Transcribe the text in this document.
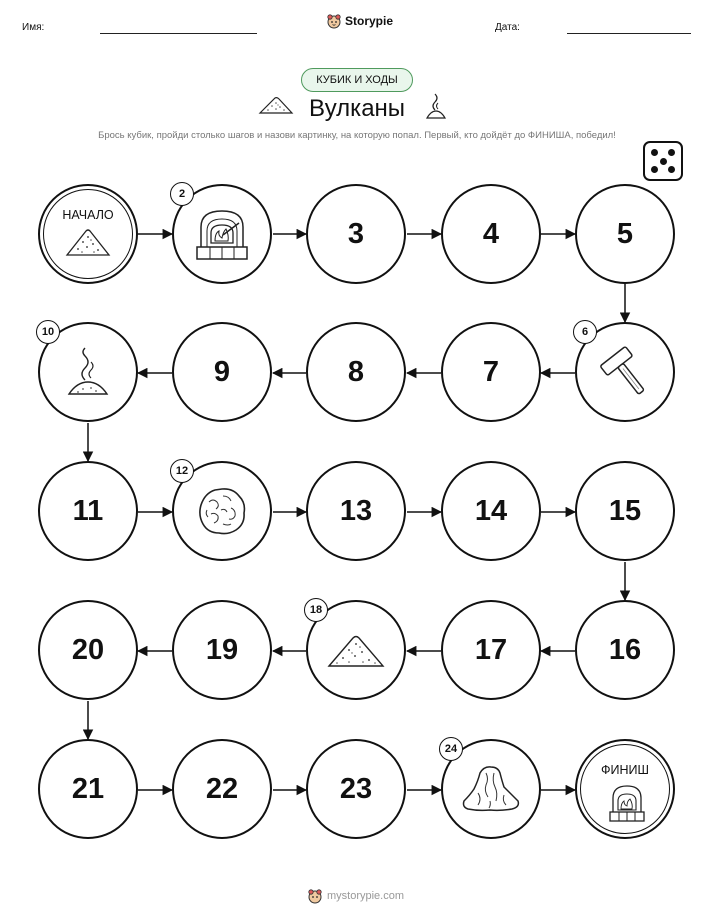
Имя:	Storypie	Дата:
КУБИК И ХОДЫ
Вулканы
Брось кубик, пройди столько шагов и назови картинку, на которую попал. Первый, кто дойдёт до ФИНИША, победил!
НАЧАЛО
2
3	4	5
6
7
8
9
10
11
12
13	14	15
16
17
18
19
20
21	22	23
24
ФИНИШ
mystorypie.com
